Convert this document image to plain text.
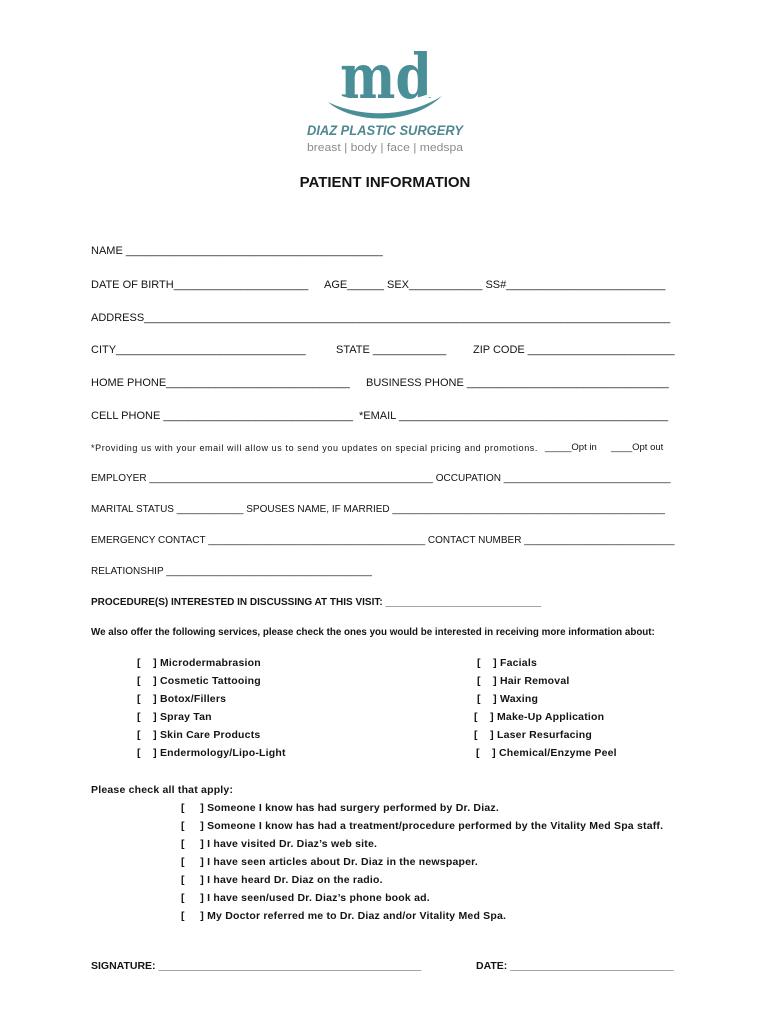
md
DIAZ PLASTIC SURGERY
breast | body | face | medspa
PATIENT INFORMATION
NAME __________________________________________
DATE OF BIRTH______________________ AGE______ SEX____________ SS#__________________________
ADDRESS______________________________________________________________________________________
CITY_______________________________	STATE ____________ ZIP CODE ________________________
HOME PHONE______________________________ BUSINESS PHONE _________________________________
CELL PHONE _______________________________ *EMAIL ____________________________________________
*Providing us with your email will allow us to send you updates on special pricing and promotions. _____Opt in ____Opt out
EMPLOYER ___________________________________________________ OCCUPATION ______________________________
MARITAL STATUS ____________ SPOUSES NAME, IF MARRIED _________________________________________________
EMERGENCY CONTACT _______________________________________ CONTACT NUMBER ___________________________
RELATIONSHIP _____________________________________
PROCEDURE(S) INTERESTED IN DISCUSSING AT THIS VISIT: ____________________________
We also offer the following services, please check the ones you would be interested in receiving more information about:
[    ] Microdermabrasion
[    ] Cosmetic Tattooing
[    ] Botox/Fillers
[    ] Spray Tan
[    ] Skin Care Products
[    ] Endermology/Lipo-Light
[    ] Facials
[    ] Hair Removal
[    ] Waxing
[    ] Make-Up Application
[    ] Laser Resurfacing
[    ] Chemical/Enzyme Peel
Please check all that apply:
[     ] Someone I know has had surgery performed by Dr. Diaz.
[     ] Someone I know has had a treatment/procedure performed by the Vitality Med Spa staff.
[     ] I have visited Dr. Diaz’s web site.
[     ] I have seen articles about Dr. Diaz in the newspaper.
[     ] I have heard Dr. Diaz on the radio.
[     ] I have seen/used Dr. Diaz’s phone book ad.
[     ] My Doctor referred me to Dr. Diaz and/or Vitality Med Spa.
SIGNATURE: _____________________________________________	DATE: ____________________________
